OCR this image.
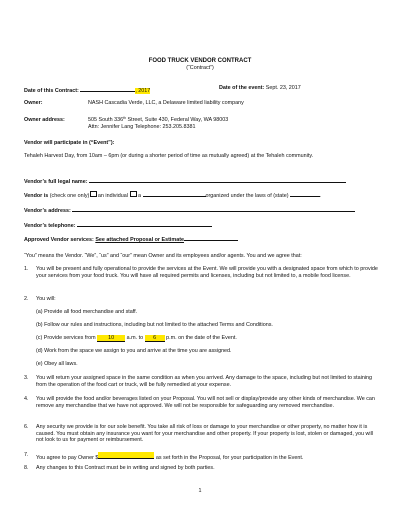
FOOD TRUCK VENDOR CONTRACT
(“Contract”)
Date of this Contract:	, 2017	Date of the event: Sept. 23, 2017
Owner:	NASH Cascadia Verde, LLC, a Delaware limited liability company
Owner address:	505 South 336th Street, Suite 430, Federal Way, WA 98003
Attn: Jennifer Lang Telephone: 253.205.8381
Vendor will participate in (“Event”):
Tehaleh Harvest Day, from 10am – 6pm (or during a shorter period of time as mutually agreed) at the Tehaleh community.
Vendor’s full legal name:
Vendor is (check one only) an individual a	organized under the laws of (state)	.
Vendor’s address:
Vendor’s telephone:
Approved Vendor services: See attached Proposal or Estimate
“You” means the Vendor. “We”, “us” and “our” mean Owner and its employees and/or agents. You and we agree that:
1. You will be present and fully operational to provide the services at the Event. We will provide you with a designated space from which to provide your services from your food truck. You will have all required permits and licenses, including but not limited to, a mobile food license.
2. You will:
(a) Provide all food merchandise and staff.
(b) Follow our rules and instructions, including but not limited to the attached Terms and Conditions.
(c) Provide services from 10 a.m. to 6 p.m. on the date of the Event.
(d) Work from the space we assign to you and arrive at the time you are assigned.
(e) Obey all laws.
3. You will return your assigned space in the same condition as when you arrived. Any damage to the space, including but not limited to staining from the operation of the food cart or truck, will be fully remedied at your expense.
4. You will provide the food and/or beverages listed on your Proposal. You will not sell or display/provide any other kinds of merchandise. We can remove any merchandise that we have not approved. We will not be responsible for safeguarding any removed merchandise.
6. Any security we provide is for our sole benefit. You take all risk of loss or damage to your merchandise or other property, no matter how it is caused. You must obtain any insurance you want for your merchandise and other property. If your property is lost, stolen or damaged, you will not look to us for payment or reimbursement.
7. You agree to pay Owner $	as set forth in the Proposal, for your participation in the Event.
8. Any changes to this Contract must be in writing and signed by both parties.
1
